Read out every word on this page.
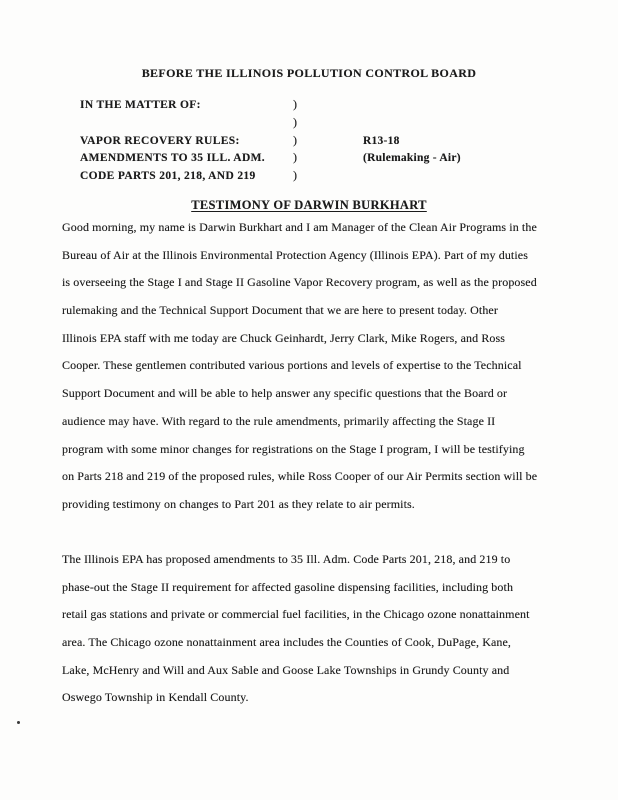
BEFORE THE ILLINOIS POLLUTION CONTROL BOARD
IN THE MATTER OF:	)
)
VAPOR RECOVERY RULES:	)	R13-18
AMENDMENTS TO 35 ILL. ADM.	)	(Rulemaking - Air)
CODE PARTS 201, 218, AND 219	)
TESTIMONY OF DARWIN BURKHART
Good morning, my name is Darwin Burkhart and I am Manager of the Clean Air Programs in the
Bureau of Air at the Illinois Environmental Protection Agency (Illinois EPA). Part of my duties
is overseeing the Stage I and Stage II Gasoline Vapor Recovery program, as well as the proposed
rulemaking and the Technical Support Document that we are here to present today. Other
Illinois EPA staff with me today are Chuck Geinhardt, Jerry Clark, Mike Rogers, and Ross
Cooper. These gentlemen contributed various portions and levels of expertise to the Technical
Support Document and will be able to help answer any specific questions that the Board or
audience may have. With regard to the rule amendments, primarily affecting the Stage II
program with some minor changes for registrations on the Stage I program, I will be testifying
on Parts 218 and 219 of the proposed rules, while Ross Cooper of our Air Permits section will be
providing testimony on changes to Part 201 as they relate to air permits.
The Illinois EPA has proposed amendments to 35 Ill. Adm. Code Parts 201, 218, and 219 to
phase-out the Stage II requirement for affected gasoline dispensing facilities, including both
retail gas stations and private or commercial fuel facilities, in the Chicago ozone nonattainment
area. The Chicago ozone nonattainment area includes the Counties of Cook, DuPage, Kane,
Lake, McHenry and Will and Aux Sable and Goose Lake Townships in Grundy County and
Oswego Township in Kendall County.
